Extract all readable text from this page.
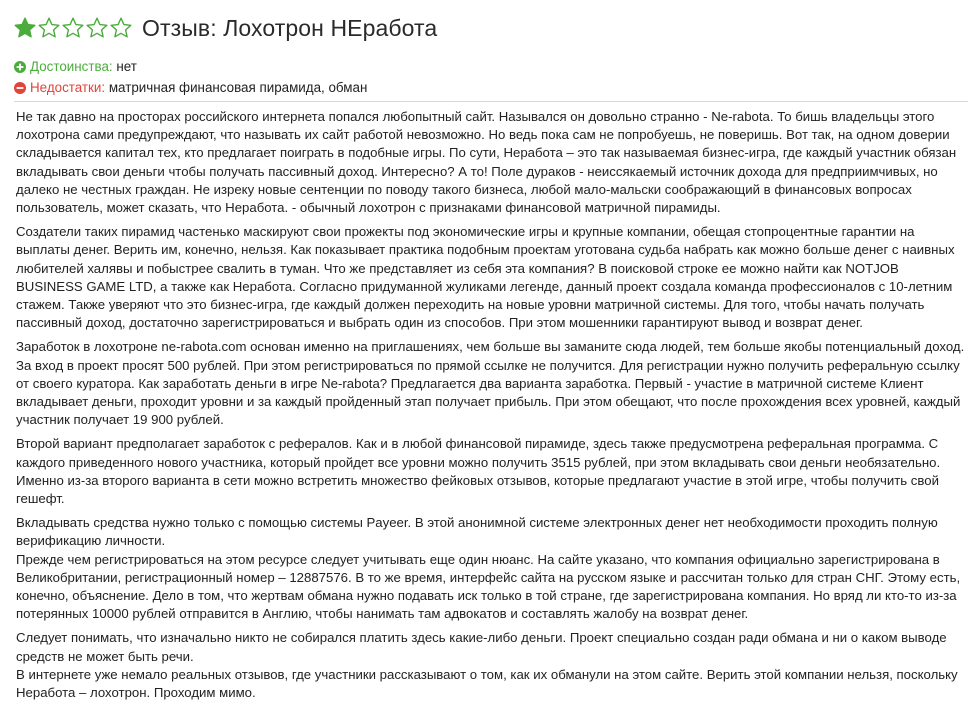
Отзыв: Лохотрон НЕработа
Достоинства:
нет
Недостатки:
матричная финансовая пирамида, обман

Не так давно на просторах российского интернета попался любопытный сайт. Назывался он довольно странно - Ne-rabota. То бишь владельцы этого лохотрона сами предупреждают, что называть их сайт работой невозможно. Но ведь пока сам не попробуешь, не поверишь. Вот так, на одном доверии складывается капитал тех, кто предлагает поиграть в подобные игры. По сути, Неработа – это так называемая бизнес-игра, где каждый участник обязан вкладывать свои деньги чтобы получать пассивный доход. Интересно? А то! Поле дураков - неиссякаемый источник дохода для предприимчивых, но далеко не честных граждан. Не изреку новые сентенции по поводу такого бизнеса, любой мало-мальски соображающий в финансовых вопросах пользователь, может сказать, что Неработа. - обычный лохотрон с признаками финансовой матричной пирамиды.

Создатели таких пирамид частенько маскируют свои прожекты под экономические игры и крупные компании, обещая стопроцентные гарантии на выплаты денег. Верить им, конечно, нельзя. Как показывает практика подобным проектам уготована судьба набрать как можно больше денег с наивных любителей халявы и побыстрее свалить в туман. Что же представляет из себя эта компания? В поисковой строке ее можно найти как NOTJOB BUSINESS GAME LTD, а также как Неработа. Согласно придуманной жуликами легенде, данный проект создала команда профессионалов с 10-летним стажем. Также уверяют что это бизнес-игра, где каждый должен переходить на новые уровни матричной системы. Для того, чтобы начать получать пассивный доход, достаточно зарегистрироваться и выбрать один из способов. При этом мошенники гарантируют вывод и возврат денег.

Заработок в лохотроне ne-rabota.com основан именно на приглашениях, чем больше вы заманите сюда людей, тем больше якобы потенциальный доход. За вход в проект просят 500 рублей. При этом регистрироваться по прямой ссылке не получится. Для регистрации нужно получить реферальную ссылку от своего куратора. Как заработать деньги в игре Ne-rabota? Предлагается два варианта заработка. Первый - участие в матричной системе Клиент вкладывает деньги, проходит уровни и за каждый пройденный этап получает прибыль. При этом обещают, что после прохождения всех уровней, каждый участник получает 19 900 рублей.

Второй вариант предполагает заработок с рефералов. Как и в любой финансовой пирамиде, здесь также предусмотрена реферальная программа. С каждого приведенного нового участника, который пройдет все уровни можно получить 3515 рублей, при этом вкладывать свои деньги необязательно. Именно из-за второго варианта в сети можно встретить множество фейковых отзывов, которые предлагают участие в этой игре, чтобы получить свой гешефт.

Вкладывать средства нужно только с помощью системы Payeer. В этой анонимной системе электронных денег нет необходимости проходить полную верификацию личности.
Прежде чем регистрироваться на этом ресурсе следует учитывать еще один нюанс. На сайте указано, что компания официально зарегистрирована в Великобритании, регистрационный номер – 12887576. В то же время, интерфейс сайта на русском языке и рассчитан только для стран СНГ. Этому есть, конечно, объяснение. Дело в том, что жертвам обмана нужно подавать иск только в той стране, где зарегистрирована компания. Но вряд ли кто-то из-за потерянных 10000 рублей отправится в Англию, чтобы нанимать там адвокатов и составлять жалобу на возврат денег.

Следует понимать, что изначально никто не собирался платить здесь какие-либо деньги. Проект специально создан ради обмана и ни о каком выводе средств не может быть речи.
В интернете уже немало реальных отзывов, где участники рассказывают о том, как их обманули на этом сайте. Верить этой компании нельзя, поскольку Неработа – лохотрон. Проходим мимо.
